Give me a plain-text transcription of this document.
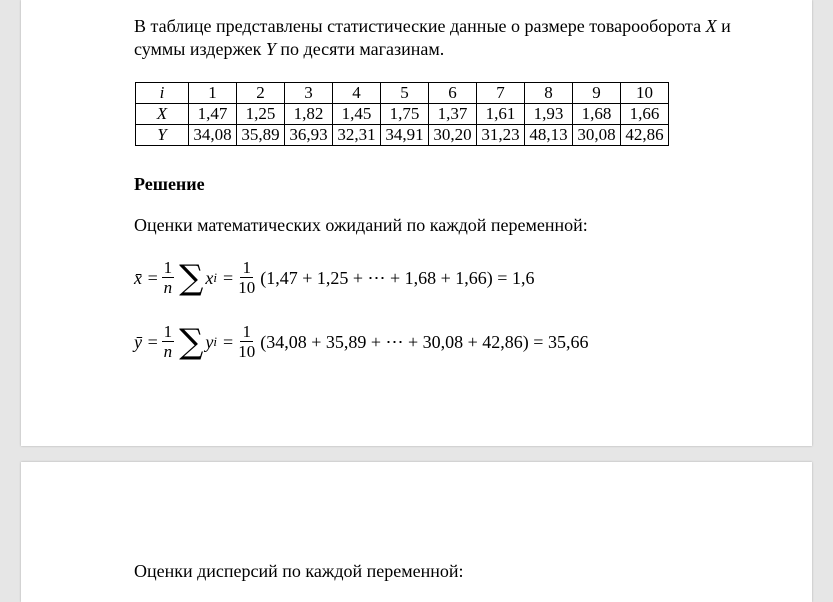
В таблице представлены статистические данные о размере товарооборота X и
суммы издержек Y по десяти магазинам.
i	1	2	3	4	5	6	7	8	9	10
X	1,47	1,25	1,82	1,45	1,75	1,37	1,61	1,93	1,68	1,66
Y	34,08	35,89	36,93	32,31	34,91	30,20	31,23	48,13	30,08	42,86
Решение
Оценки математических ожиданий по каждой переменной:
x̄ = $\frac{1}{n}$ ∑ x $i = \frac{1}{10} (1,47 + 1,25$ + ⋯ + 1,68 + 1,66) = 1,6
ȳ = $\frac{1}{n}$ ∑ y $i = \frac{1}{10} (34,08 + 35,89$ + ⋯ + 30,08 + 42,86) = 35,66
Оценки дисперсий по каждой переменной:
